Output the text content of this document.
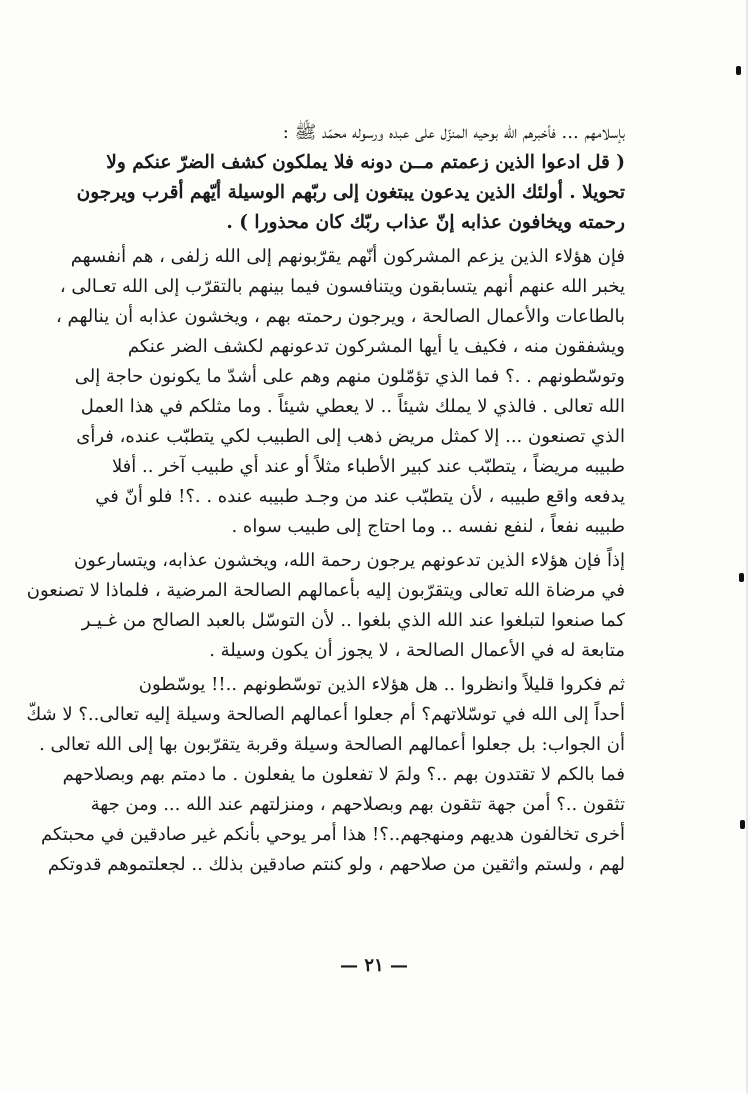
بإسلامهم ... فأخبرهم الله بوحيه المنزّل على عبده ورسوله محمّد ﷺ :
( قل ادعوا الذين زعمتم مــن دونه فلا يملكون كشف الضرّ عنكم ولا
تحويلا . أولئك الذين يدعون يبتغون إلى ربّهم الوسيلة أيّهم أقرب ويرجون
رحمته ويخافون عذابه إنّ عذاب ربّك كان محذورا ) .
فإن هؤلاء الذين يزعم المشركون أنّهم يقرّبونهم إلى الله زلفى ، هم أنفسهم
يخبر الله عنهم أنهم يتسابقون ويتنافسون فيما بينهم بالتقرّب إلى الله تعـالى ،
بالطاعات والأعمال الصالحة ، ويرجون رحمته بهم ، ويخشون عذابه أن ينالهم ،
ويشفقون منه ، فكيف يا أيها المشركون تدعونهم لكشف الضر عنكم
وتوسّطونهم . .؟ فما الذي تؤمّلون منهم وهم على أشدّ ما يكونون حاجة إلى
الله تعالى . فالذي لا يملك شيئاً .. لا يعطي شيئاً . وما مثلكم في هذا العمل
الذي تصنعون ... إلا كمثل مريض ذهب إلى الطبيب لكي يتطبّب عنده، فرأى
طبيبه مريضاً ، يتطبّب عند كبير الأطباء مثلاً أو عند أي طبيب آخر .. أفلا
يدفعه واقع طبيبه ، لأن يتطبّب عند من وجـد طبيبه عنده . .؟! فلو أنّ في
طبيبه نفعاً ، لنفع نفسه .. وما احتاج إلى طبيب سواه .
إذاً فإن هؤلاء الذين تدعونهم يرجون رحمة الله، ويخشون عذابه، ويتسارعون
في مرضاة الله تعالى ويتقرّبون إليه بأعمالهم الصالحة المرضية ، فلماذا لا تصنعون
كما صنعوا لتبلغوا عند الله الذي بلغوا .. لأن التوسّل بالعبد الصالح من غـيـر
متابعة له في الأعمال الصالحة ، لا يجوز أن يكون وسيلة .
ثم فكروا قليلاً وانظروا .. هل هؤلاء الذين توسّطونهم ..!! يوسّطون
أحداً إلى الله في توسّلاتهم؟ أم جعلوا أعمالهم الصالحة وسيلة إليه تعالى..؟ لا شكّ
أن الجواب: بل جعلوا أعمالهم الصالحة وسيلة وقربة يتقرّبون بها إلى الله تعالى .
فما بالكم لا تقتدون بهم ..؟ ولمَ لا تفعلون ما يفعلون . ما دمتم بهم وبصلاحهم
تثقون ..؟ أمن جهة تثقون بهم وبصلاحهم ، ومنزلتهم عند الله ... ومن جهة
أخرى تخالفون هديهم ومنهجهم..؟! هذا أمر يوحي بأنكم غير صادقين في محبتكم
لهم ، ولستم واثقين من صلاحهم ، ولو كنتم صادقين بذلك .. لجعلتموهم قدوتكم
— ٢١ —
